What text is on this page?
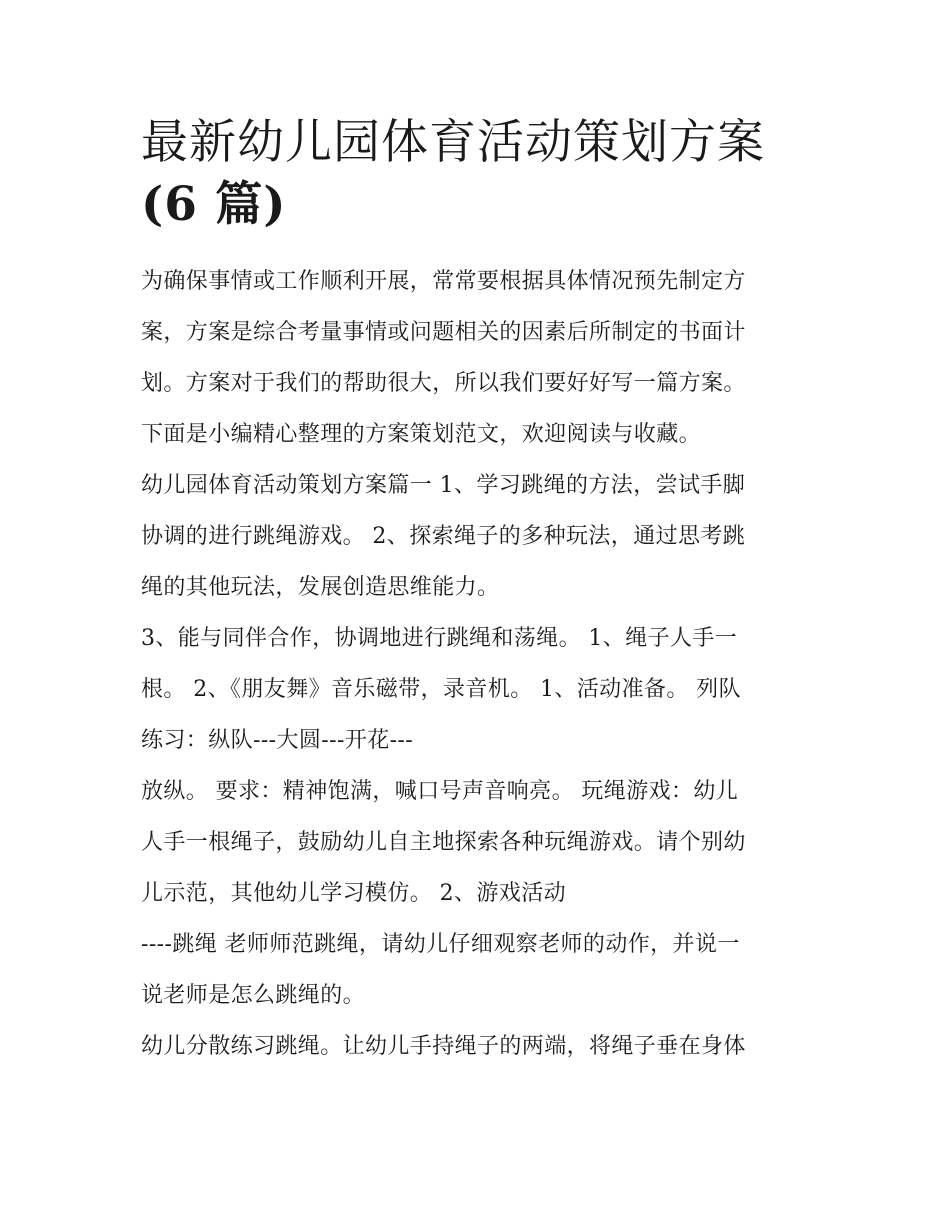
最新幼儿园体育活动策划方案
(6 篇)

为确保事情或工作顺利开展，常常要根据具体情况预先制定方
案，方案是综合考量事情或问题相关的因素后所制定的书面计
划。方案对于我们的帮助很大，所以我们要好好写一篇方案。
下面是小编精心整理的方案策划范文，欢迎阅读与收藏。

幼儿园体育活动策划方案篇一 1、学习跳绳的方法，尝试手脚
协调的进行跳绳游戏。 2、探索绳子的多种玩法，通过思考跳
绳的其他玩法，发展创造思维能力。

3、能与同伴合作，协调地进行跳绳和荡绳。 1、绳子人手一
根。 2、《朋友舞》音乐磁带，录音机。 1、活动准备。 列队
练习：纵队---大圆---开花---

放纵。 要求：精神饱满，喊口号声音响亮。 玩绳游戏：幼儿
人手一根绳子，鼓励幼儿自主地探索各种玩绳游戏。请个别幼
儿示范，其他幼儿学习模仿。 2、游戏活动

----跳绳 老师师范跳绳，请幼儿仔细观察老师的动作，并说一
说老师是怎么跳绳的。

幼儿分散练习跳绳。让幼儿手持绳子的两端，将绳子垂在身体
